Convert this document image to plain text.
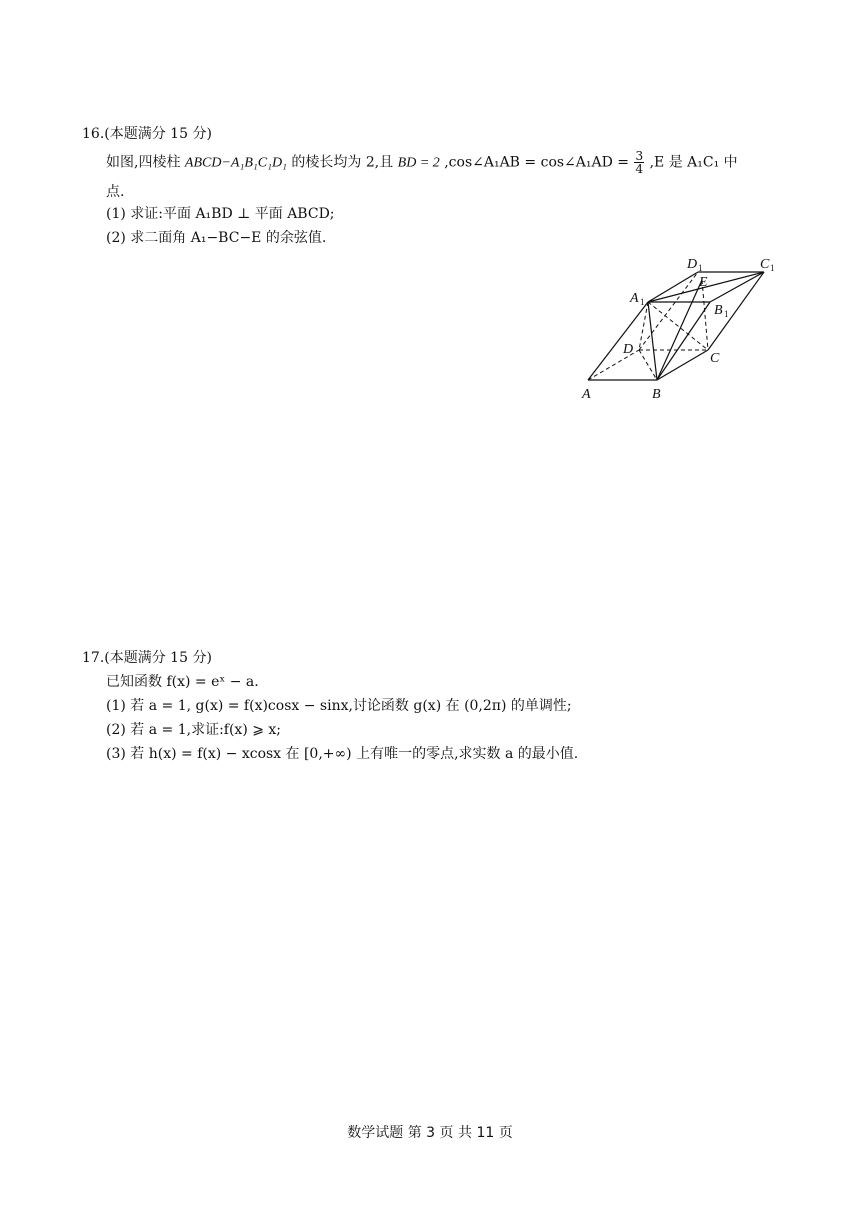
16.(本题满分 15 分)
如图,四棱柱 ABCD−A₁B₁C₁D₁ 的棱长均为 2,且 BD = 2 ,cos∠A₁AB = cos∠A₁AD = $\frac{3}{4} ,E$ 是 A₁C₁ 中
点.
(1) 求证:平面 A₁BD ⊥ 平面 ABCD;
(2) 求二面角 A₁−BC−E 的余弦值.
A	B
C
D
A 1
B 1
C 1
D 1
E
17.(本题满分 15 分)
已知函数 f(x) = eˣ − a.
(1) 若 a = 1, g(x) = f(x)cosx − sinx,讨论函数 g(x) 在 (0,2π) 的单调性;
(2) 若 a = 1,求证:f(x) ⩾ x;
(3) 若 h(x) = f(x) − xcosx 在 [0,+∞) 上有唯一的零点,求实数 a 的最小值.
数学试题 第 3 页 共 11 页
